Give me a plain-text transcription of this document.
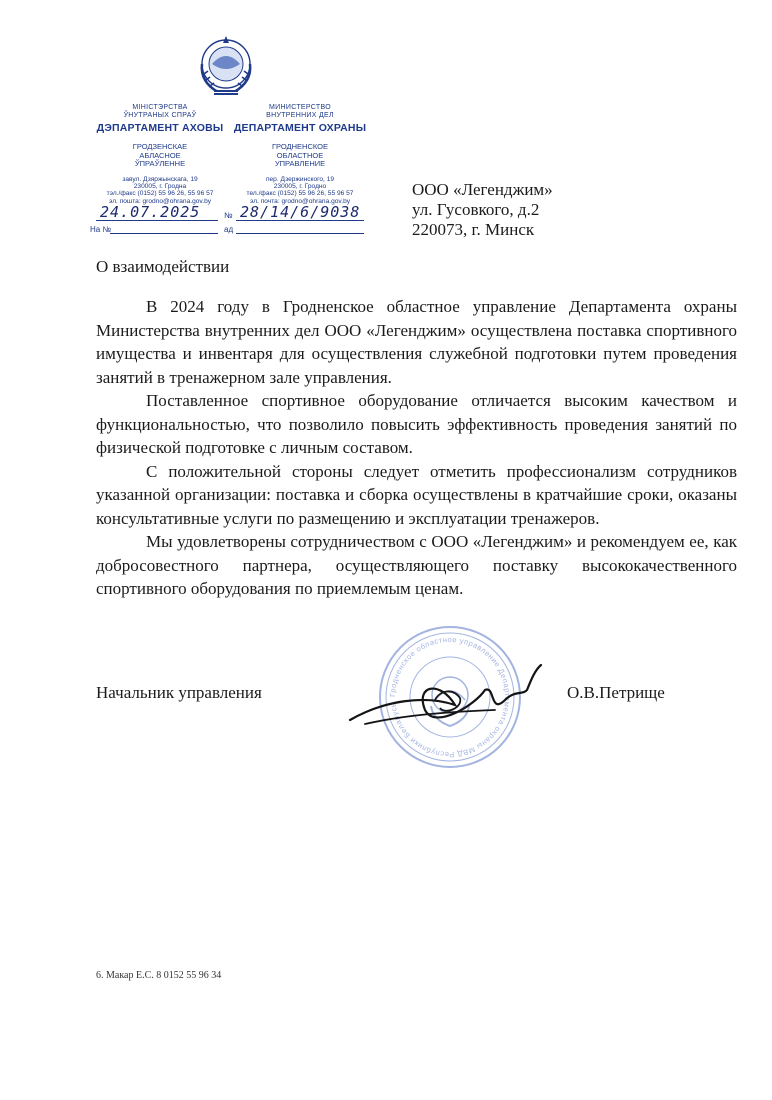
МІНІСТЭРСТВА
ЎНУТРАНЫХ СПРАЎ
ДЭПАРТАМЕНТ АХОВЫ
ГРОДЗЕНСКАЕ
АБЛАСНОЕ
ЎПРАЎЛЕННЕ
завул. Дзяржынскага, 19
230005, г. Гродна
тэл./факс (0152) 55 96 26, 55 96 57
эл. пошта: grodno@ohrana.gov.by
МИНИСТЕРСТВО
ВНУТРЕННИХ ДЕЛ
ДЕПАРТАМЕНТ ОХРАНЫ
ГРОДНЕНСКОЕ
ОБЛАСТНОЕ
УПРАВЛЕНИЕ
пер. Дзержинского, 19
230005, г. Гродно
тел./факс (0152) 55 96 26, 55 96 57
эл. почта: grodno@ohrana.gov.by
24.07.2025	№ 28/14/6/9038
На №	ад
ООО «Легенджим»
ул. Гусовкого, д.2
220073, г. Минск
О взаимодействии

В 2024 году в Гродненское областное управление Департамента охраны Министерства внутренних дел ООО «Легенджим» осуществлена поставка спортивного имущества и инвентаря для осуществления служебной подготовки путем проведения занятий в тренажерном зале управления.

Поставленное спортивное оборудование отличается высоким качеством и функциональностью, что позволило повысить эффективность проведения занятий по физической подготовке с личным составом.

С положительной стороны следует отметить профессионализм сотрудников указанной организации: поставка и сборка осуществлены в кратчайшие сроки, оказаны консультативные услуги по размещению и эксплуатации тренажеров.

Мы удовлетворены сотрудничеством с ООО «Легенджим» и рекомендуем ее, как добросовестного партнера, осуществляющего поставку высококачественного спортивного оборудования по приемлемым ценам.

Гродненское областное управление Департамента охраны МВД Республики Беларусь
Начальник управления	О.В.Петрище
6. Макар Е.С. 8 0152 55 96 34
